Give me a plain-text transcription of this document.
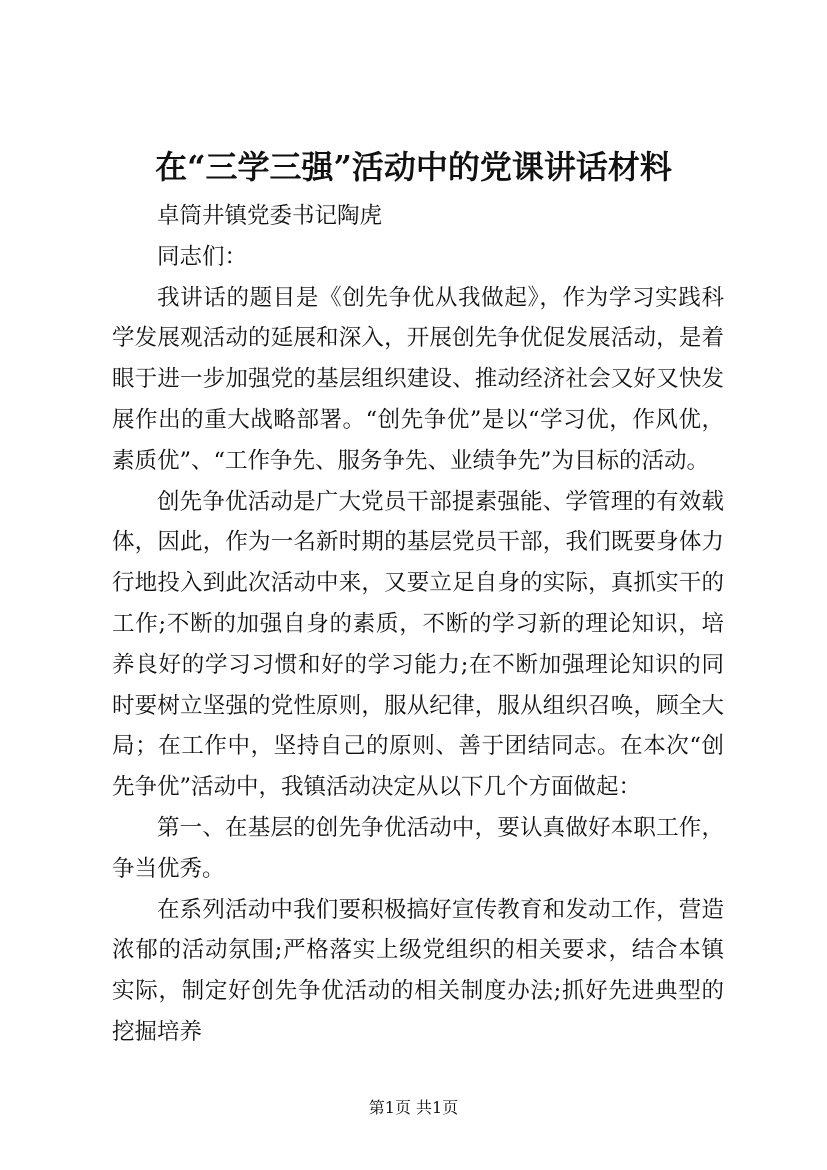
在“三学三强”活动中的党课讲话材料

卓筒井镇党委书记陶虎

同志们：

我讲话的题目是《创先争优从我做起》，作为学习实践科学发展观活动的延展和深入，开展创先争优促发展活动，是着眼于进一步加强党的基层组织建设、推动经济社会又好又快发展作出的重大战略部署。“创先争优”是以“学习优，作风优，素质优”、“工作争先、服务争先、业绩争先”为目标的活动。

创先争优活动是广大党员干部提素强能、学管理的有效载体，因此，作为一名新时期的基层党员干部，我们既要身体力行地投入到此次活动中来，又要立足自身的实际，真抓实干的工作;不断的加强自身的素质，不断的学习新的理论知识，培养良好的学习习惯和好的学习能力;在不断加强理论知识的同时要树立坚强的党性原则，服从纪律，服从组织召唤，顾全大局；在工作中，坚持自己的原则、善于团结同志。在本次“创先争优”活动中，我镇活动决定从以下几个方面做起：

第一、在基层的创先争优活动中，要认真做好本职工作，争当优秀。

在系列活动中我们要积极搞好宣传教育和发动工作，营造浓郁的活动氛围;严格落实上级党组织的相关要求，结合本镇实际，制定好创先争优活动的相关制度办法;抓好先进典型的挖掘培养

第1页 共1页
